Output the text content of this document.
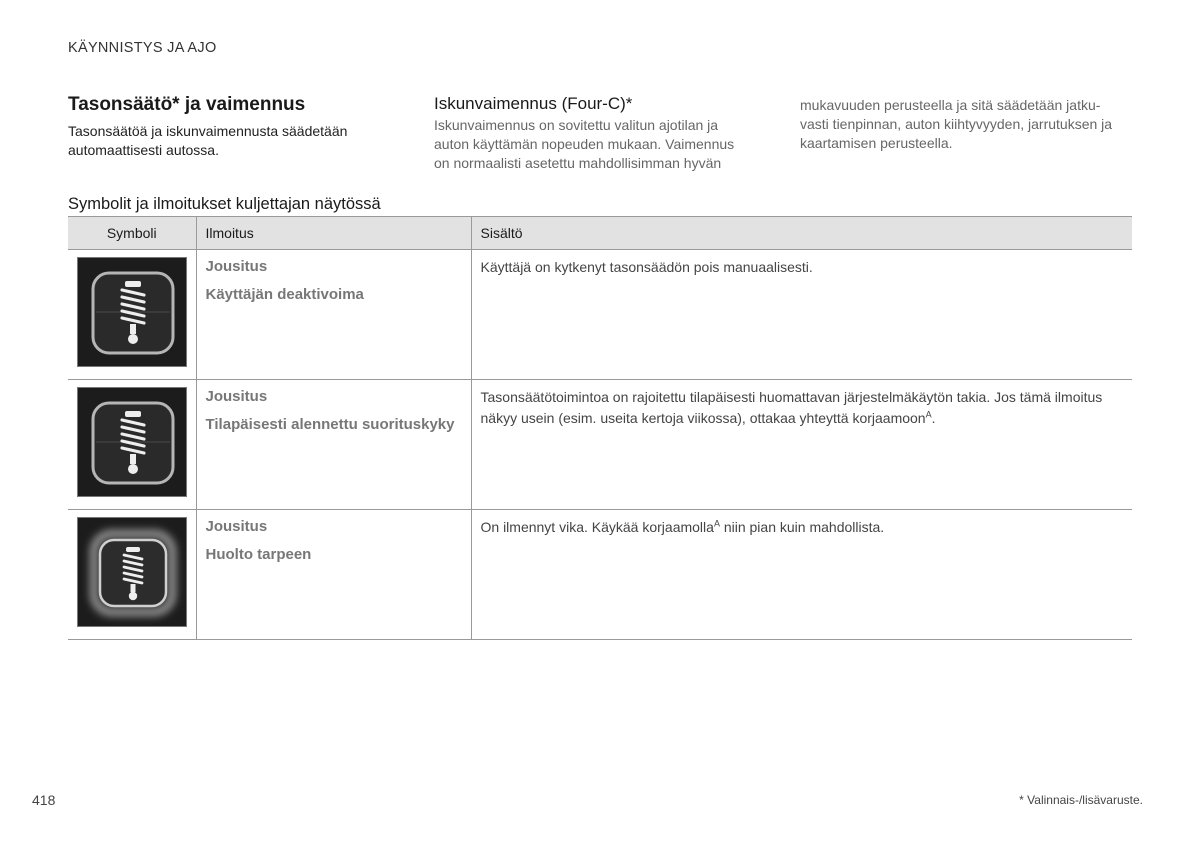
KÄYNNISTYS JA AJO
Tasonsäätö* ja vaimennus
Tasonsäätöä ja iskunvaimennusta säädetään
automaattisesti autossa.
Iskunvaimennus (Four-C)*
Iskunvaimennus on sovitettu valitun ajotilan ja
auton käyttämän nopeuden mukaan. Vaimennus
on normaalisti asetettu mahdollisimman hyvän
mukavuuden perusteella ja sitä säädetään jatku-
vasti tienpinnan, auton kiihtyvyyden, jarrutuksen ja
kaartamisen perusteella.
Symbolit ja ilmoitukset kuljettajan näytössä
Symboli	Ilmoitus	Sisältö

Jousitus
Käyttäjän deaktivoima	Käyttäjä on kytkenyt tasonsäädön pois manuaalisesti.

Jousitus
Tilapäisesti alennettu suorituskyky	Tasonsäätötoimintoa on rajoitettu tilapäisesti huomattavan järjestelmäkäytön takia. Jos tämä ilmoitus näkyy usein (esim. useita kertoja viikossa), ottakaa yhteyttä korjaamoon$^A$.

Jousitus
Huolto tarpeen	On ilmennyt vika. Käykää korjaamolla$^A$ niin pian kuin mahdollista.
418	* Valinnais-/lisävaruste.
